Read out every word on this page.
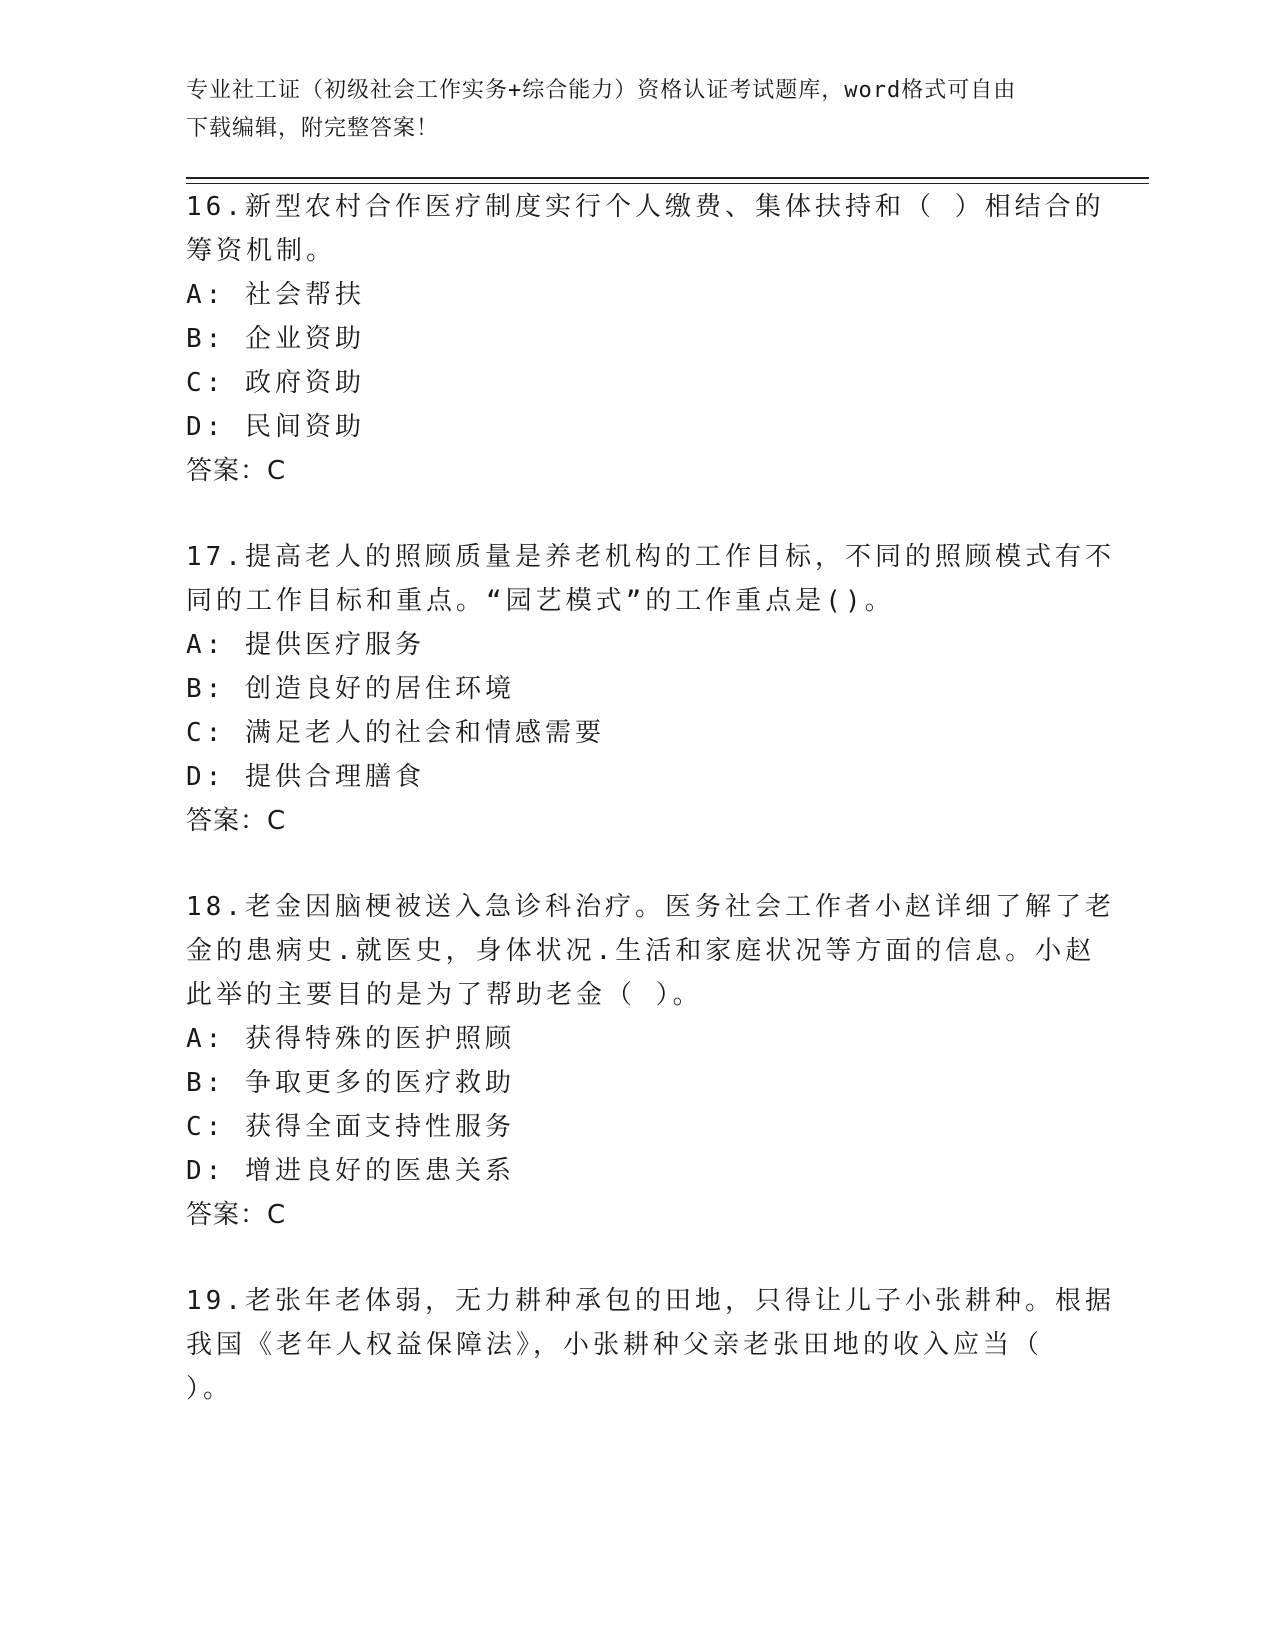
专业社工证（初级社会工作实务+综合能力）资格认证考试题库，word格式可自由
下载编辑，附完整答案！
16.新型农村合作医疗制度实行个人缴费、集体扶持和（ ）相结合的
筹资机制。
A: 社会帮扶
B: 企业资助
C: 政府资助
D: 民间资助
答案：C
17.提高老人的照顾质量是养老机构的工作目标，不同的照顾模式有不
同的工作目标和重点。“园艺模式”的工作重点是()。
A: 提供医疗服务
B: 创造良好的居住环境
C: 满足老人的社会和情感需要
D: 提供合理膳食
答案：C
18.老金因脑梗被送入急诊科治疗。医务社会工作者小赵详细了解了老
金的患病史.就医史，身体状况.生活和家庭状况等方面的信息。小赵
此举的主要目的是为了帮助老金（ ）。
A: 获得特殊的医护照顾
B: 争取更多的医疗救助
C: 获得全面支持性服务
D: 增进良好的医患关系
答案：C
19.老张年老体弱，无力耕种承包的田地，只得让儿子小张耕种。根据
我国《老年人权益保障法》，小张耕种父亲老张田地的收入应当（
）。
